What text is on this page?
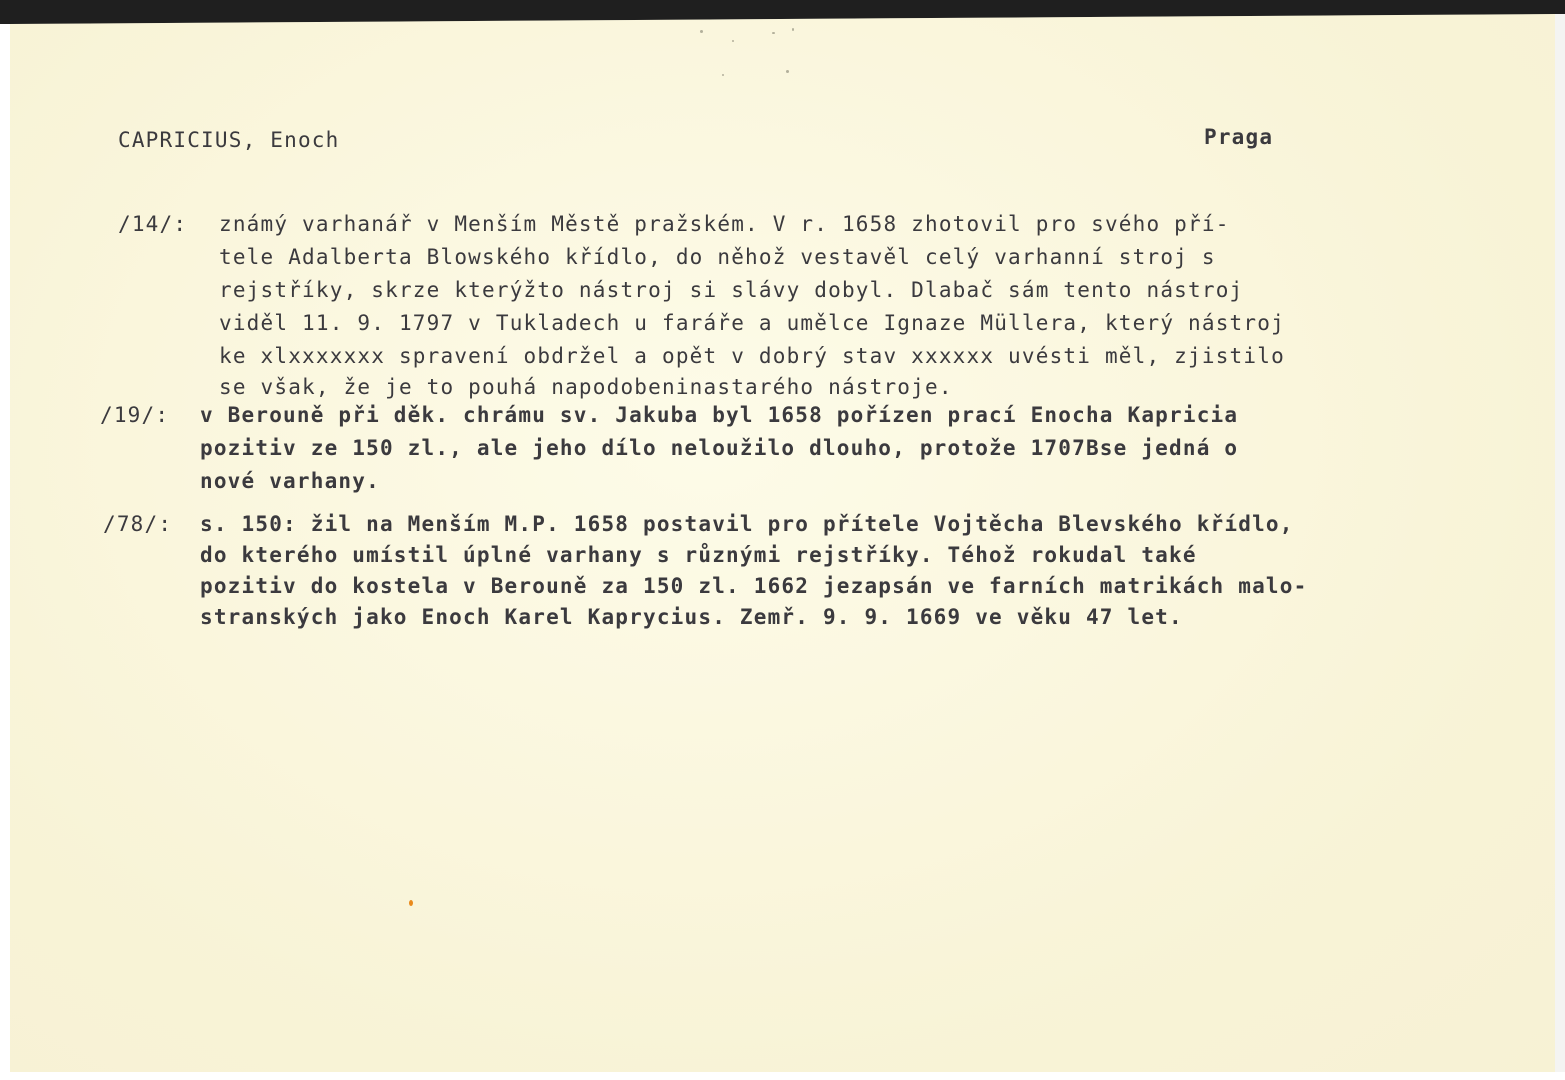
CAPRICIUS, Enoch	Praga

/14/:

známý varhanář v Menším Městě pražském. V r. 1658 zhotovil pro svého pří-

tele Adalberta Blowského křídlo, do něhož vestavěl celý varhanní stroj s

rejstříky, skrze kterýžto nástroj si slávy dobyl. Dlabač sám tento nástroj

viděl 11. 9. 1797 v Tukladech u faráře a umělce Ignaze Müllera, který nástroj

ke xlxxxxxxx spravení obdržel a opět v dobrý stav xxxxxx uvésti měl, zjistilo

se však, že je to pouhá napodobeninastarého nástroje.

/19/:

v Berouně při děk. chrámu sv. Jakuba byl 1658 pořízen prací Enocha Kapricia

pozitiv ze 150 zl., ale jeho dílo neloužilo dlouho, protože 1707Bse jedná o

nové varhany.

/78/:

s. 150: žil na Menším M.P. 1658 postavil pro přítele Vojtěcha Blevského křídlo,

do kterého umístil úplné varhany s různými rejstříky. Téhož rokudal také

pozitiv do kostela v Berouně za 150 zl. 1662 jezapsán ve farních matrikách malo-

stranských jako Enoch Karel Kaprycius. Zemř. 9. 9. 1669 ve věku 47 let.
